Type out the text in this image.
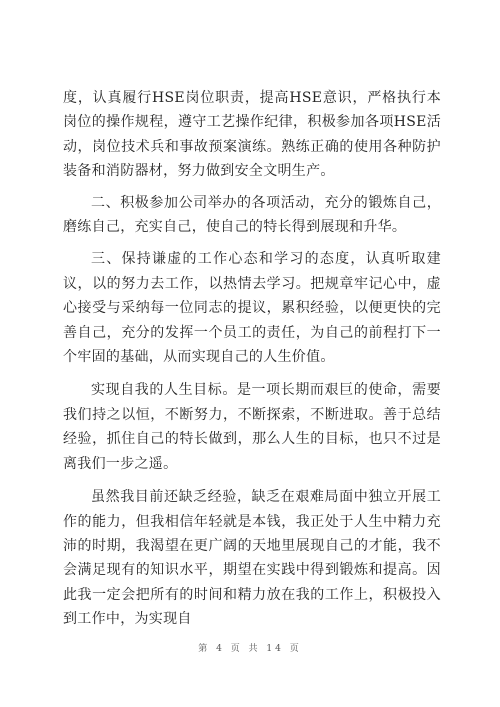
度，认真履行HSE岗位职责，提高HSE意识，严格执行本岗位的操作规程，遵守工艺操作纪律，积极参加各项HSE活动，岗位技术兵和事故预案演练。熟练正确的使用各种防护装备和消防器材，努力做到安全文明生产。

二、积极参加公司举办的各项活动，充分的锻炼自己，磨练自己，充实自己，使自己的特长得到展现和升华。

三、保持谦虚的工作心态和学习的态度，认真听取建议，以的努力去工作，以热情去学习。把规章牢记心中，虚心接受与采纳每一位同志的提议，累积经验，以便更快的完善自己，充分的发挥一个员工的责任，为自己的前程打下一个牢固的基础，从而实现自己的人生价值。

实现自我的人生目标。是一项长期而艰巨的使命，需要我们持之以恒，不断努力，不断探索，不断进取。善于总结经验，抓住自己的特长做到，那么人生的目标，也只不过是离我们一步之遥。

虽然我目前还缺乏经验，缺乏在艰难局面中独立开展工作的能力，但我相信年轻就是本钱，我正处于人生中精力充沛的时期，我渴望在更广阔的天地里展现自己的才能，我不会满足现有的知识水平，期望在实践中得到锻炼和提高。因此我一定会把所有的时间和精力放在我的工作上，积极投入到工作中，为实现自

第 4 页 共 14 页
